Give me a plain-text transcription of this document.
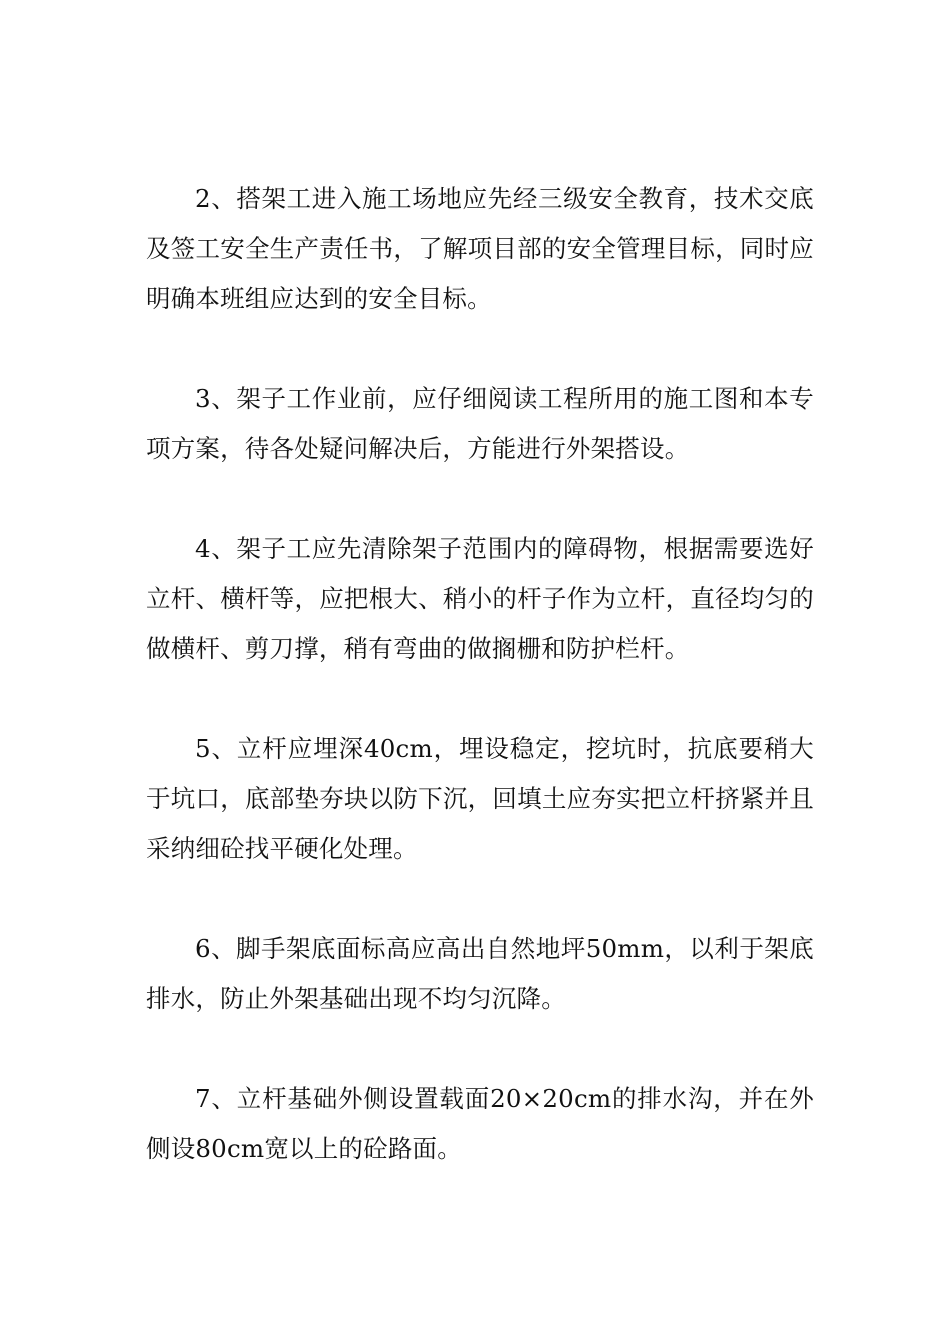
2、搭架工进入施工场地应先经三级安全教育，技术交底及签工安全生产责任书，了解项目部的安全管理目标，同时应明确本班组应达到的安全目标。

3、架子工作业前，应仔细阅读工程所用的施工图和本专项方案，待各处疑问解决后，方能进行外架搭设。

4、架子工应先清除架子范围内的障碍物，根据需要选好立杆、横杆等，应把根大、稍小的杆子作为立杆，直径均匀的做横杆、剪刀撑，稍有弯曲的做搁栅和防护栏杆。

5、立杆应埋深40cm，埋设稳定，挖坑时，抗底要稍大于坑口，底部垫夯块以防下沉，回填土应夯实把立杆挤紧并且采纳细砼找平硬化处理。

6、脚手架底面标高应高出自然地坪50mm，以利于架底排水，防止外架基础出现不均匀沉降。

7、立杆基础外侧设置载面20×20cm的排水沟，并在外侧设80cm宽以上的砼路面。
